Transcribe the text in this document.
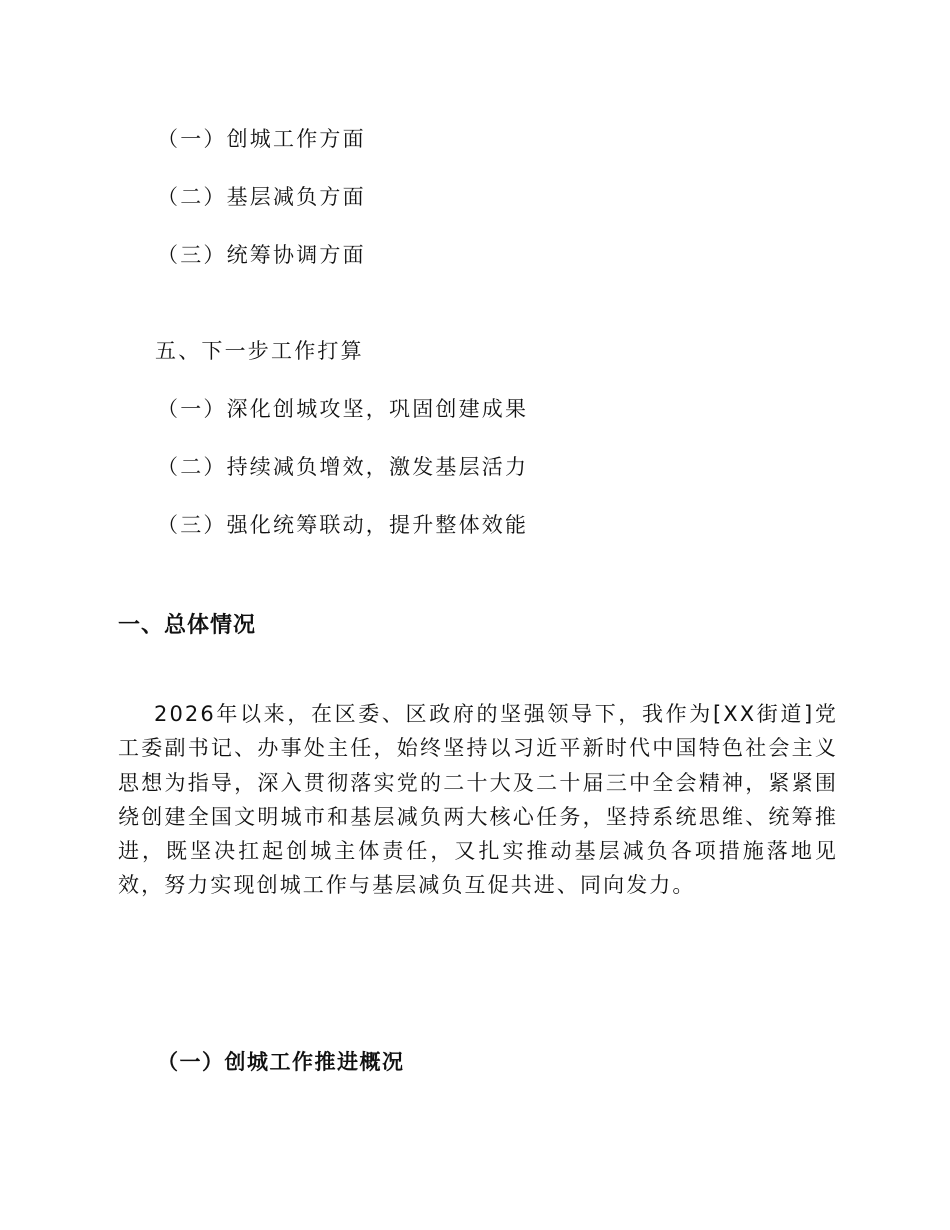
（一）创城工作方面
（二）基层减负方面
（三）统筹协调方面
五、下一步工作打算
（一）深化创城攻坚，巩固创建成果
（二）持续减负增效，激发基层活力
（三）强化统筹联动，提升整体效能
一、总体情况

2026年以来，在区委、区政府的坚强领导下，我作为[XX街道]党工委副书记、办事处主任，始终坚持以习近平新时代中国特色社会主义思想为指导，深入贯彻落实党的二十大及二十届三中全会精神，紧紧围绕创建全国文明城市和基层减负两大核心任务，坚持系统思维、统筹推进，既坚决扛起创城主体责任，又扎实推动基层减负各项措施落地见效，努力实现创城工作与基层减负互促共进、同向发力。

（一）创城工作推进概况
